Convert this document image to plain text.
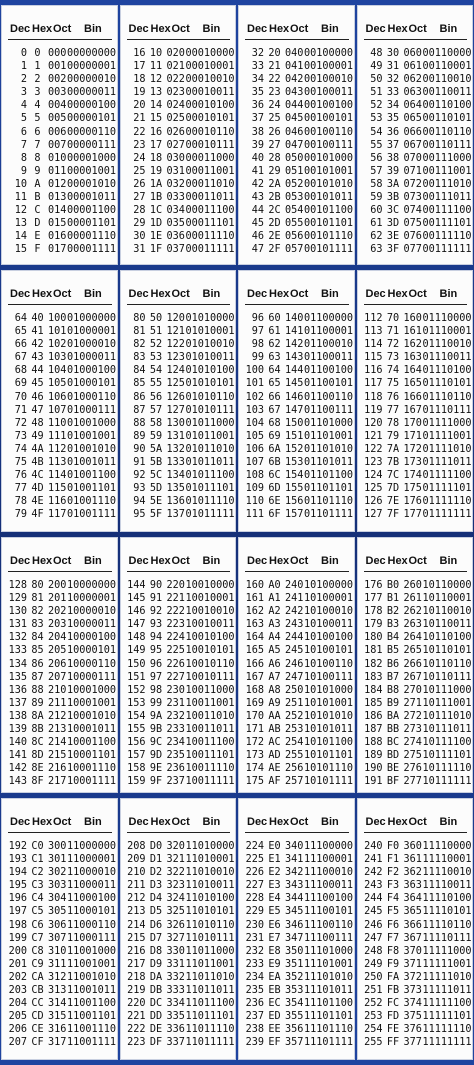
Dec Hex Oct Bin
0 0 000 00000000
1 1 001 00000001
2 2 002 00000010
3 3 003 00000011
4 4 004 00000100
5 5 005 00000101
6 6 006 00000110
7 7 007 00000111
8 8 010 00001000
9 9 011 00001001
10 A 012 00001010
11 B 013 00001011
12 C 014 00001100
13 D 015 00001101
14 E 016 00001110
15 F 017 00001111
Dec Hex Oct Bin
16 10 020 00010000
17 11 021 00010001
18 12 022 00010010
19 13 023 00010011
20 14 024 00010100
21 15 025 00010101
22 16 026 00010110
23 17 027 00010111
24 18 030 00011000
25 19 031 00011001
26 1A 032 00011010
27 1B 033 00011011
28 1C 034 00011100
29 1D 035 00011101
30 1E 036 00011110
31 1F 037 00011111
Dec Hex Oct Bin
32 20 040 00100000
33 21 041 00100001
34 22 042 00100010
35 23 043 00100011
36 24 044 00100100
37 25 045 00100101
38 26 046 00100110
39 27 047 00100111
40 28 050 00101000
41 29 051 00101001
42 2A 052 00101010
43 2B 053 00101011
44 2C 054 00101100
45 2D 055 00101101
46 2E 056 00101110
47 2F 057 00101111
Dec Hex Oct Bin
48 30 060 00110000
49 31 061 00110001
50 32 062 00110010
51 33 063 00110011
52 34 064 00110100
53 35 065 00110101
54 36 066 00110110
55 37 067 00110111
56 38 070 00111000
57 39 071 00111001
58 3A 072 00111010
59 3B 073 00111011
60 3C 074 00111100
61 3D 075 00111101
62 3E 076 00111110
63 3F 077 00111111
Dec Hex Oct Bin
64 40 100 01000000
65 41 101 01000001
66 42 102 01000010
67 43 103 01000011
68 44 104 01000100
69 45 105 01000101
70 46 106 01000110
71 47 107 01000111
72 48 110 01001000
73 49 111 01001001
74 4A 112 01001010
75 4B 113 01001011
76 4C 114 01001100
77 4D 115 01001101
78 4E 116 01001110
79 4F 117 01001111
Dec Hex Oct Bin
80 50 120 01010000
81 51 121 01010001
82 52 122 01010010
83 53 123 01010011
84 54 124 01010100
85 55 125 01010101
86 56 126 01010110
87 57 127 01010111
88 58 130 01011000
89 59 131 01011001
90 5A 132 01011010
91 5B 133 01011011
92 5C 134 01011100
93 5D 135 01011101
94 5E 136 01011110
95 5F 137 01011111
Dec Hex Oct Bin
96 60 140 01100000
97 61 141 01100001
98 62 142 01100010
99 63 143 01100011
100 64 144 01100100
101 65 145 01100101
102 66 146 01100110
103 67 147 01100111
104 68 150 01101000
105 69 151 01101001
106 6A 152 01101010
107 6B 153 01101011
108 6C 154 01101100
109 6D 155 01101101
110 6E 156 01101110
111 6F 157 01101111
Dec Hex Oct Bin
112 70 160 01110000
113 71 161 01110001
114 72 162 01110010
115 73 163 01110011
116 74 164 01110100
117 75 165 01110101
118 76 166 01110110
119 77 167 01110111
120 78 170 01111000
121 79 171 01111001
122 7A 172 01111010
123 7B 173 01111011
124 7C 174 01111100
125 7D 175 01111101
126 7E 176 01111110
127 7F 177 01111111
Dec Hex Oct Bin
128 80 200 10000000
129 81 201 10000001
130 82 202 10000010
131 83 203 10000011
132 84 204 10000100
133 85 205 10000101
134 86 206 10000110
135 87 207 10000111
136 88 210 10001000
137 89 211 10001001
138 8A 212 10001010
139 8B 213 10001011
140 8C 214 10001100
141 8D 215 10001101
142 8E 216 10001110
143 8F 217 10001111
Dec Hex Oct Bin
144 90 220 10010000
145 91 221 10010001
146 92 222 10010010
147 93 223 10010011
148 94 224 10010100
149 95 225 10010101
150 96 226 10010110
151 97 227 10010111
152 98 230 10011000
153 99 231 10011001
154 9A 232 10011010
155 9B 233 10011011
156 9C 234 10011100
157 9D 235 10011101
158 9E 236 10011110
159 9F 237 10011111
Dec Hex Oct Bin
160 A0 240 10100000
161 A1 241 10100001
162 A2 242 10100010
163 A3 243 10100011
164 A4 244 10100100
165 A5 245 10100101
166 A6 246 10100110
167 A7 247 10100111
168 A8 250 10101000
169 A9 251 10101001
170 AA 252 10101010
171 AB 253 10101011
172 AC 254 10101100
173 AD 255 10101101
174 AE 256 10101110
175 AF 257 10101111
Dec Hex Oct Bin
176 B0 260 10110000
177 B1 261 10110001
178 B2 262 10110010
179 B3 263 10110011
180 B4 264 10110100
181 B5 265 10110101
182 B6 266 10110110
183 B7 267 10110111
184 B8 270 10111000
185 B9 271 10111001
186 BA 272 10111010
187 BB 273 10111011
188 BC 274 10111100
189 BD 275 10111101
190 BE 276 10111110
191 BF 277 10111111
Dec Hex Oct Bin
192 C0 300 11000000
193 C1 301 11000001
194 C2 302 11000010
195 C3 303 11000011
196 C4 304 11000100
197 C5 305 11000101
198 C6 306 11000110
199 C7 307 11000111
200 C8 310 11001000
201 C9 311 11001001
202 CA 312 11001010
203 CB 313 11001011
204 CC 314 11001100
205 CD 315 11001101
206 CE 316 11001110
207 CF 317 11001111
Dec Hex Oct Bin
208 D0 320 11010000
209 D1 321 11010001
210 D2 322 11010010
211 D3 323 11010011
212 D4 324 11010100
213 D5 325 11010101
214 D6 326 11010110
215 D7 327 11010111
216 D8 330 11011000
217 D9 331 11011001
218 DA 332 11011010
219 DB 333 11011011
220 DC 334 11011100
221 DD 335 11011101
222 DE 336 11011110
223 DF 337 11011111
Dec Hex Oct Bin
224 E0 340 11100000
225 E1 341 11100001
226 E2 342 11100010
227 E3 343 11100011
228 E4 344 11100100
229 E5 345 11100101
230 E6 346 11100110
231 E7 347 11100111
232 E8 350 11101000
233 E9 351 11101001
234 EA 352 11101010
235 EB 353 11101011
236 EC 354 11101100
237 ED 355 11101101
238 EE 356 11101110
239 EF 357 11101111
Dec Hex Oct Bin
240 F0 360 11110000
241 F1 361 11110001
242 F2 362 11110010
243 F3 363 11110011
244 F4 364 11110100
245 F5 365 11110101
246 F6 366 11110110
247 F7 367 11110111
248 F8 370 11111000
249 F9 371 11111001
250 FA 372 11111010
251 FB 373 11111011
252 FC 374 11111100
253 FD 375 11111101
254 FE 376 11111110
255 FF 377 11111111
